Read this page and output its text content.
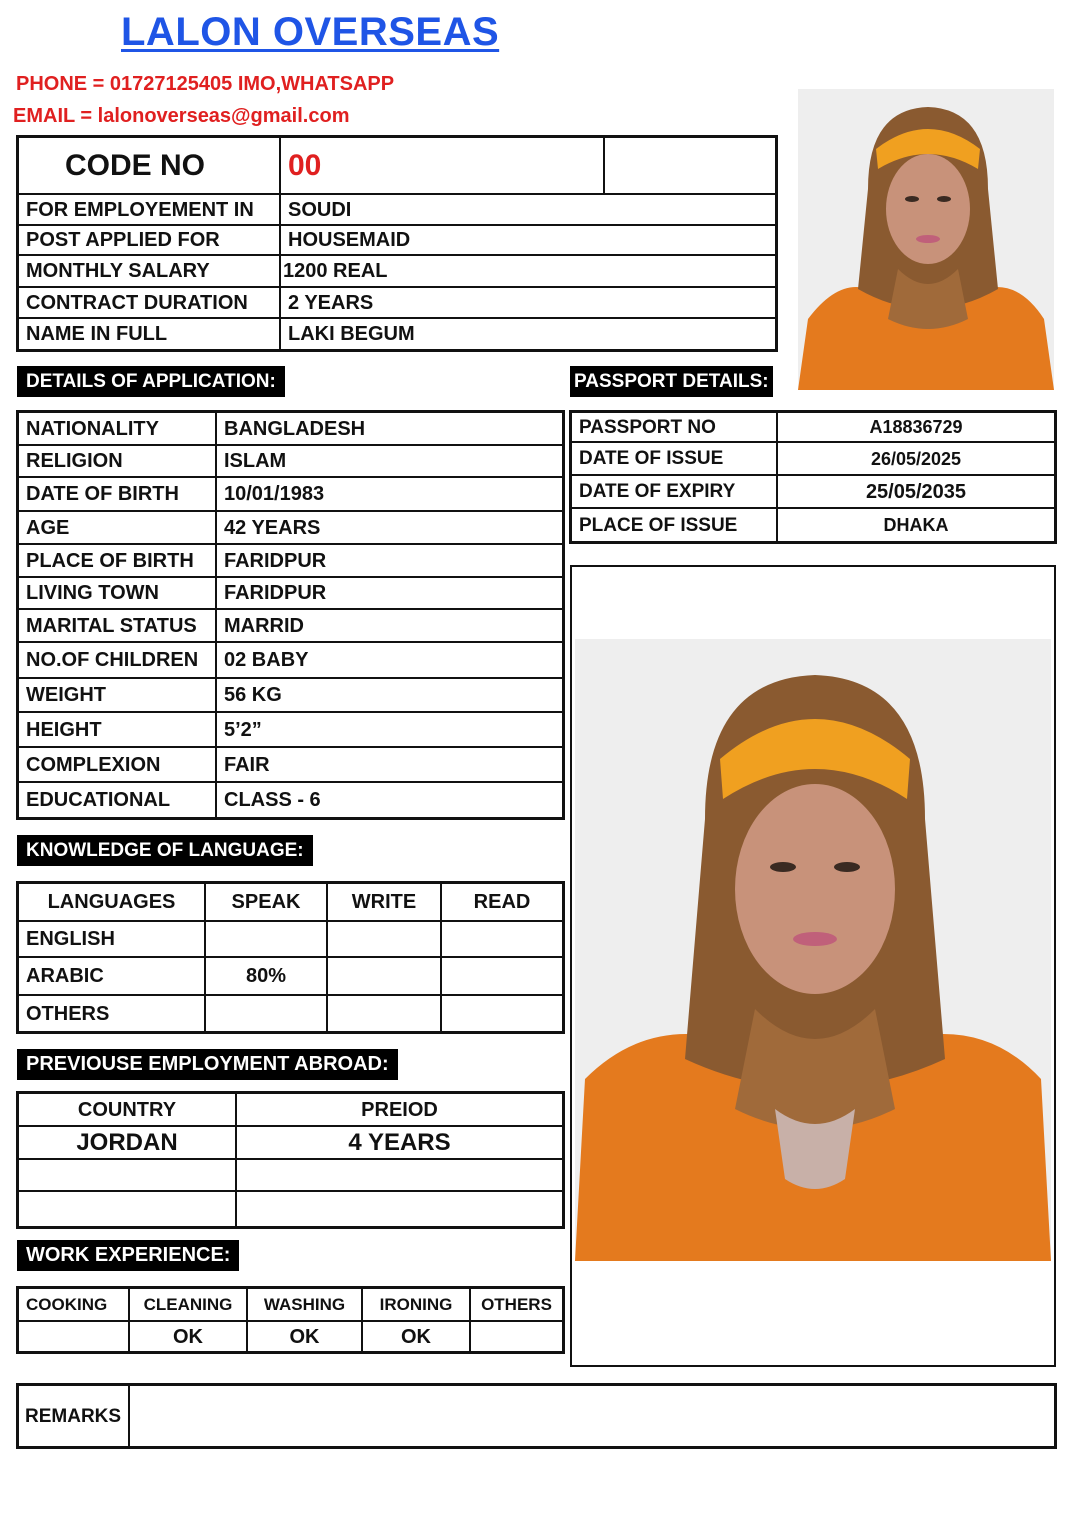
LALON OVERSEAS
PHONE = 01727125405 IMO,WHATSAPP
EMAIL = lalonoverseas@gmail.com
CODE NO	00	
FOR EMPLOYEMENT IN	SOUDI	
POST APPLIED FOR	HOUSEMAID	
MONTHLY SALARY	1200 REAL	
CONTRACT DURATION	2 YEARS	
NAME IN FULL	LAKI BEGUM	
DETAILS OF APPLICATION:	PASSPORT DETAILS:
NATIONALITY	BANGLADESH
RELIGION	ISLAM
DATE OF BIRTH	10/01/1983
AGE	42 YEARS
PLACE OF BIRTH	FARIDPUR
LIVING TOWN	FARIDPUR
MARITAL STATUS	MARRID
NO.OF CHILDREN	02 BABY
WEIGHT	56 KG
HEIGHT	5’2”
COMPLEXION	FAIR
EDUCATIONAL	CLASS - 6
PASSPORT NO	A18836729
DATE OF ISSUE	26/05/2025
DATE OF EXPIRY	25/05/2035
PLACE OF ISSUE	DHAKA
KNOWLEDGE OF LANGUAGE:
LANGUAGES	SPEAK	WRITE	READ
ENGLISH			
ARABIC	80%		
OTHERS			
PREVIOUSE EMPLOYMENT ABROAD:
COUNTRY	PREIOD
JORDAN	4 YEARS

WORK EXPERIENCE:
COOKING	CLEANING	WASHING	IRONING	OTHERS
	OK	OK	OK	
REMARKS	
